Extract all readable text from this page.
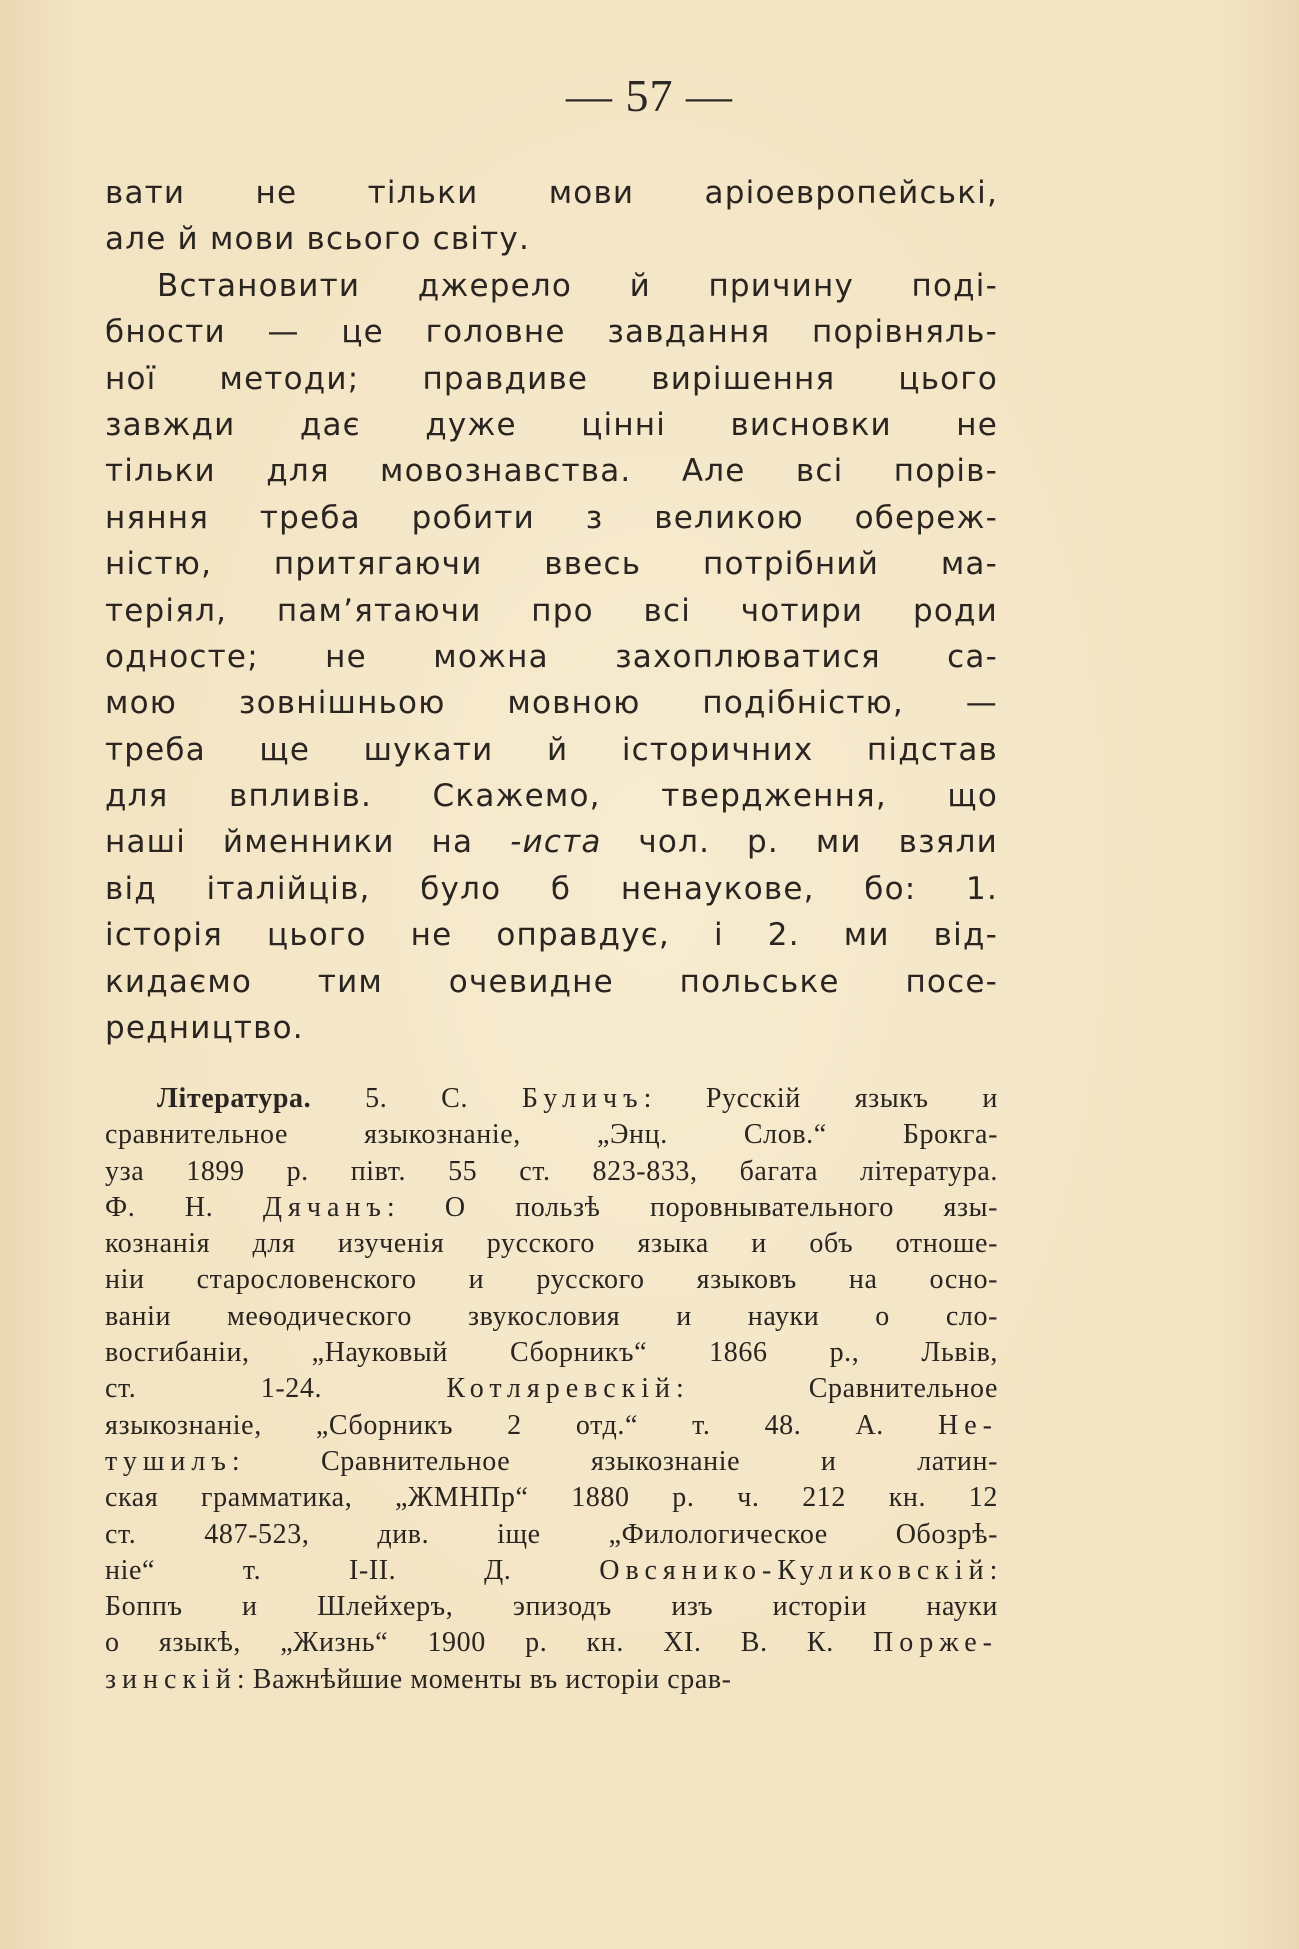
— 57 —
вати не тільки мови аріоевропейські,
але й мови всього світу.
Встановити джерело й причину поді-
бности — це головне завдання порівняль-
ної методи; правдиве вирішення цього
завжди дає дуже цінні висновки не
тільки для мовознавства. Але всі порів-
няння треба робити з великою обереж-
ністю, притягаючи ввесь потрібний ма-
теріял, пам’ятаючи про всі чотири роди
односте; не можна захоплюватися са-
мою зовнішньою мовною подібністю, —
треба ще шукати й історичних підстав
для впливів. Скажемо, твердження, що
наші йменники на -иста чол. р. ми взяли
від італійців, було б ненаукове, бо: 1.
історія цього не оправдує, і 2. ми від-
кидаємо тим очевидне польське посе-
редництво.
Література. 5. С. Буличъ: Русскій языкъ и
сравнительное языкознаніе, „Энц. Слов.“ Брокга-
уза 1899 р. півт. 55 ст. 823-833, багата література.
Ф. Н. Дячанъ: О пользѣ поровнывательного язы-
кознанія для изученія русского языка и объ отноше-
ніи старословенского и русского языковъ на осно-
ваніи меѳодического звукословия и науки о сло-
восгибаніи, „Науковый Сборникъ“ 1866 р., Львів,
ст. 1-24. Котляревскій: Сравнительное
языкознаніе, „Сборникъ 2 отд.“ т. 48. А. Не-
тушилъ: Сравнительное языкознаніе и латин-
ская грамматика, „ЖМНПр“ 1880 р. ч. 212 кн. 12
ст. 487-523, див. іще „Филологическое Обозрѣ-
ніе“ т. I-II. Д. Овсянико-Куликовскій:
Боппъ и Шлейхеръ, эпизодъ изъ исторіи науки
о языкѣ, „Жизнь“ 1900 р. кн. XI. В. К. Порже-
зинскій: Важнѣйшие моменты въ исторіи срав-
